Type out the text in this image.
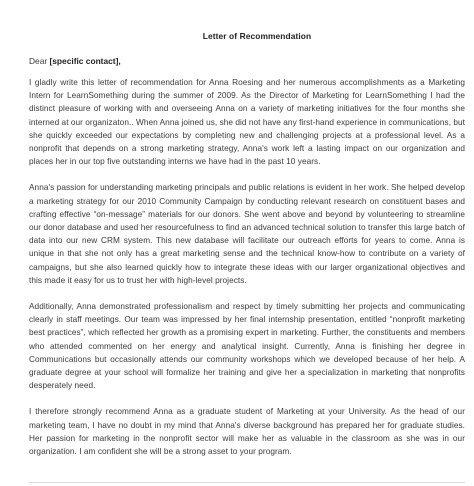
Letter of Recommendation
Dear [specific contact],

I gladly write this letter of recommendation for Anna Roesing and her numerous accomplishments as a Marketing Intern for LearnSomething during the summer of 2009. As the Director of Marketing for LearnSomething I had the distinct pleasure of working with and overseeing Anna on a variety of marketing initiatives for the four months she interned at our organizaton.. When Anna joined us, she did not have any first-hand experience in communications, but she quickly exceeded our expectations by completing new and challenging projects at a professional level. As a nonprofit that depends on a strong marketing strategy, Anna's work left a lasting impact on our organization and places her in our top five outstanding interns we have had in the past 10 years.

Anna's passion for understanding marketing principals and public relations is evident in her work. She helped develop a marketing strategy for our 2010 Community Campaign by conducting relevant research on constituent bases and crafting effective “on-message” materials for our donors. She went above and beyond by volunteering to streamline our donor database and used her resourcefulness to find an advanced technical solution to transfer this large batch of data into our new CRM system. This new database will facilitate our outreach efforts for years to come. Anna is unique in that she not only has a great marketing sense and the technical know-how to contribute on a variety of campaigns, but she also learned quickly how to integrate these ideas with our larger organizational objectives and this made it easy for us to trust her with high-level projects.

Additionally, Anna demonstrated professionalism and respect by timely submitting her projects and communicating clearly in staff meetings. Our team was impressed by her final internship presentation, entitled “nonprofit marketing best practices”, which reflected her growth as a promising expert in marketing. Further, the constituents and members who attended commented on her energy and analytical insight. Currently, Anna is finishing her degree in Communications but occasionally attends our community workshops which we developed because of her help. A graduate degree at your school will formalize her training and give her a specialization in marketing that nonprofits desperately need.

I therefore strongly recommend Anna as a graduate student of Marketing at your University. As the head of our marketing team, I have no doubt in my mind that Anna's diverse background has prepared her for graduate studies. Her passion for marketing in the nonprofit sector will make her as valuable in the classroom as she was in our organization. I am confident she will be a strong asset to your program.
